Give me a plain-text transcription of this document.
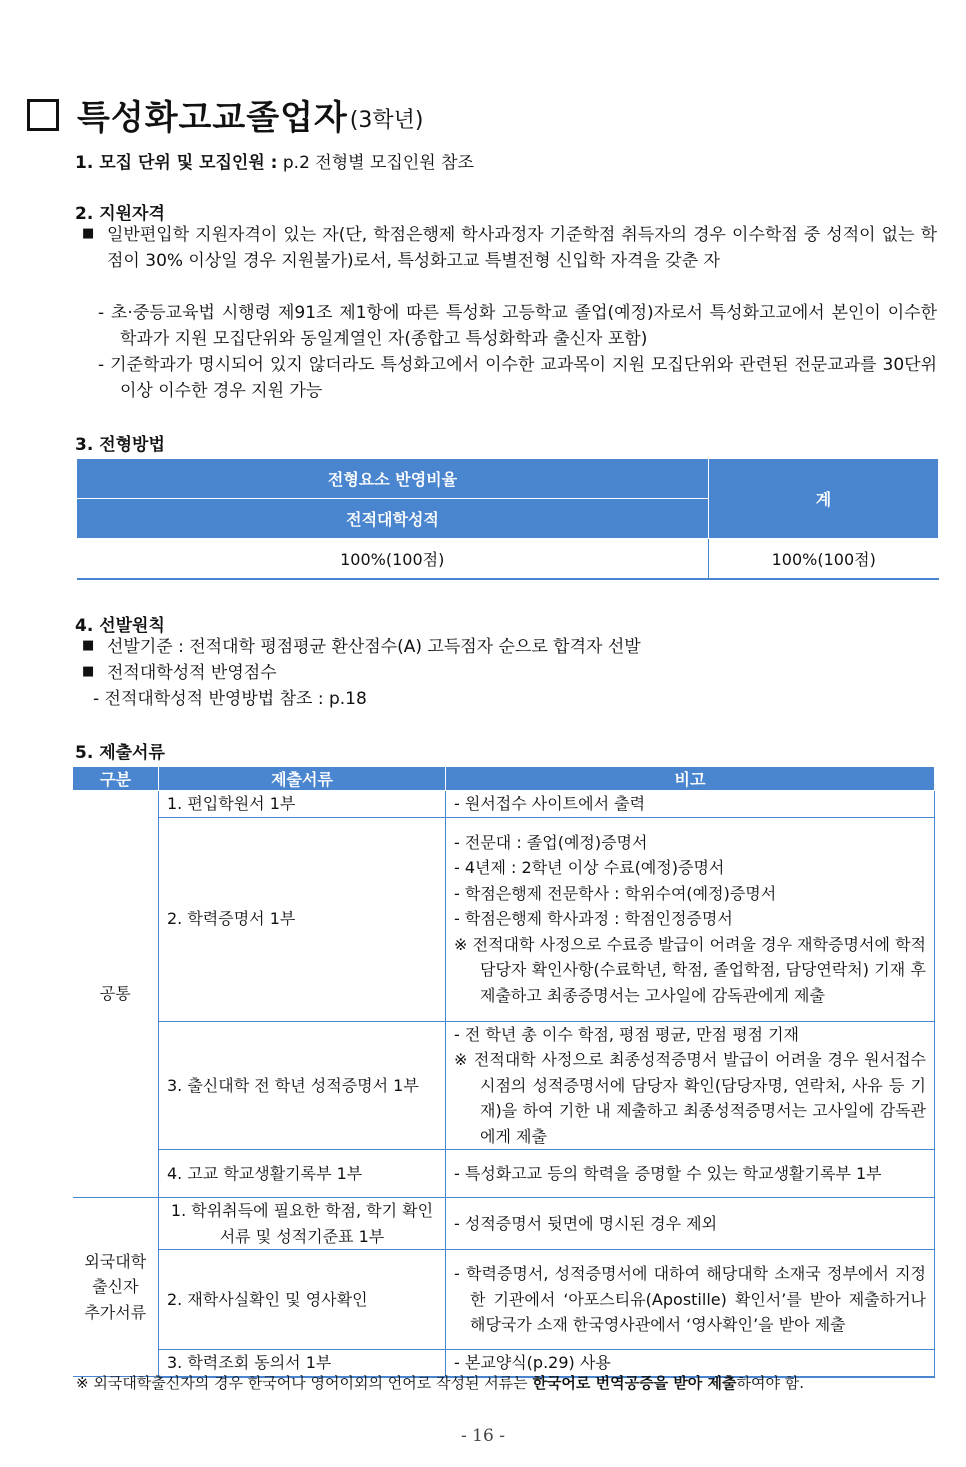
특성화고교졸업자 (3학년)
1. 모집 단위 및 모집인원 : p.2 전형별 모집인원 참조
2. 지원자격
■ 일반편입학 지원자격이 있는 자(단, 학점은행제 학사과정자 기준학점 취득자의 경우 이수학점 중 성적이 없는 학점이 30% 이상일 경우 지원불가)로서, 특성화고교 특별전형 신입학 자격을 갖춘 자
- 초·중등교육법 시행령 제91조 제1항에 따른 특성화 고등학교 졸업(예정)자로서 특성화고교에서 본인이 이수한 학과가 지원 모집단위와 동일계열인 자(종합고 특성화학과 출신자 포함)
- 기준학과가 명시되어 있지 않더라도 특성화고에서 이수한 교과목이 지원 모집단위와 관련된 전문교과를 30단위 이상 이수한 경우 지원 가능
3. 전형방법
전형요소 반영비율	계
전적대학성적	
100%(100점)	100%(100점)
4. 선발원칙
■ 선발기준 : 전적대학 평점평균 환산점수(A) 고득점자 순으로 합격자 선발
■ 전적대학성적 반영점수
- 전적대학성적 반영방법 참조 : p.18
5. 제출서류
구분	제출서류	비고
공통	1. 편입학원서 1부	- 원서접수 사이트에서 출력

	2. 학력증명서 1부	- 전문대 : 졸업(예정)증명서
- 4년제 : 2학년 이상 수료(예정)증명서
- 학점은행제 전문학사 : 학위수여(예정)증명서
- 학점은행제 학사과정 : 학점인정증명서
※ 전적대학 사정으로 수료증 발급이 어려울 경우 재학증명서에 학적담당자 확인사항(수료학년, 학점, 졸업학점, 담당연락처) 기재 후 제출하고 최종증명서는 고사일에 감독관에게 제출

	3. 출신대학 전 학년 성적증명서 1부	- 전 학년 총 이수 학점, 평점 평균, 만점 평점 기재
※ 전적대학 사정으로 최종성적증명서 발급이 어려울 경우 원서접수 시점의 성적증명서에 담당자 확인(담당자명, 연락처, 사유 등 기재)을 하여 기한 내 제출하고 최종성적증명서는 고사일에 감독관에게 제출

	4. 고교 학교생활기록부 1부	- 특성화고교 등의 학력을 증명할 수 있는 학교생활기록부 1부

외국대학
출신자
추가서류	1. 학위취득에 필요한 학점, 학기 확인서류 및 성적기준표 1부	- 성적증명서 뒷면에 명시된 경우 제외

	2. 재학사실확인 및 영사확인	- 학력증명서, 성적증명서에 대하여 해당대학 소재국 정부에서 지정한 기관에서 ‘아포스티유(Apostille) 확인서’를 받아 제출하거나 해당국가 소재 한국영사관에서 ‘영사확인’을 받아 제출

	3. 학력조회 동의서 1부	- 본교양식(p.29) 사용
※ 외국대학출신자의 경우 한국어나 영어이외의 언어로 작성된 서류는 한국어로 번역공증을 받아 제출하여야 함.
- 16 -
